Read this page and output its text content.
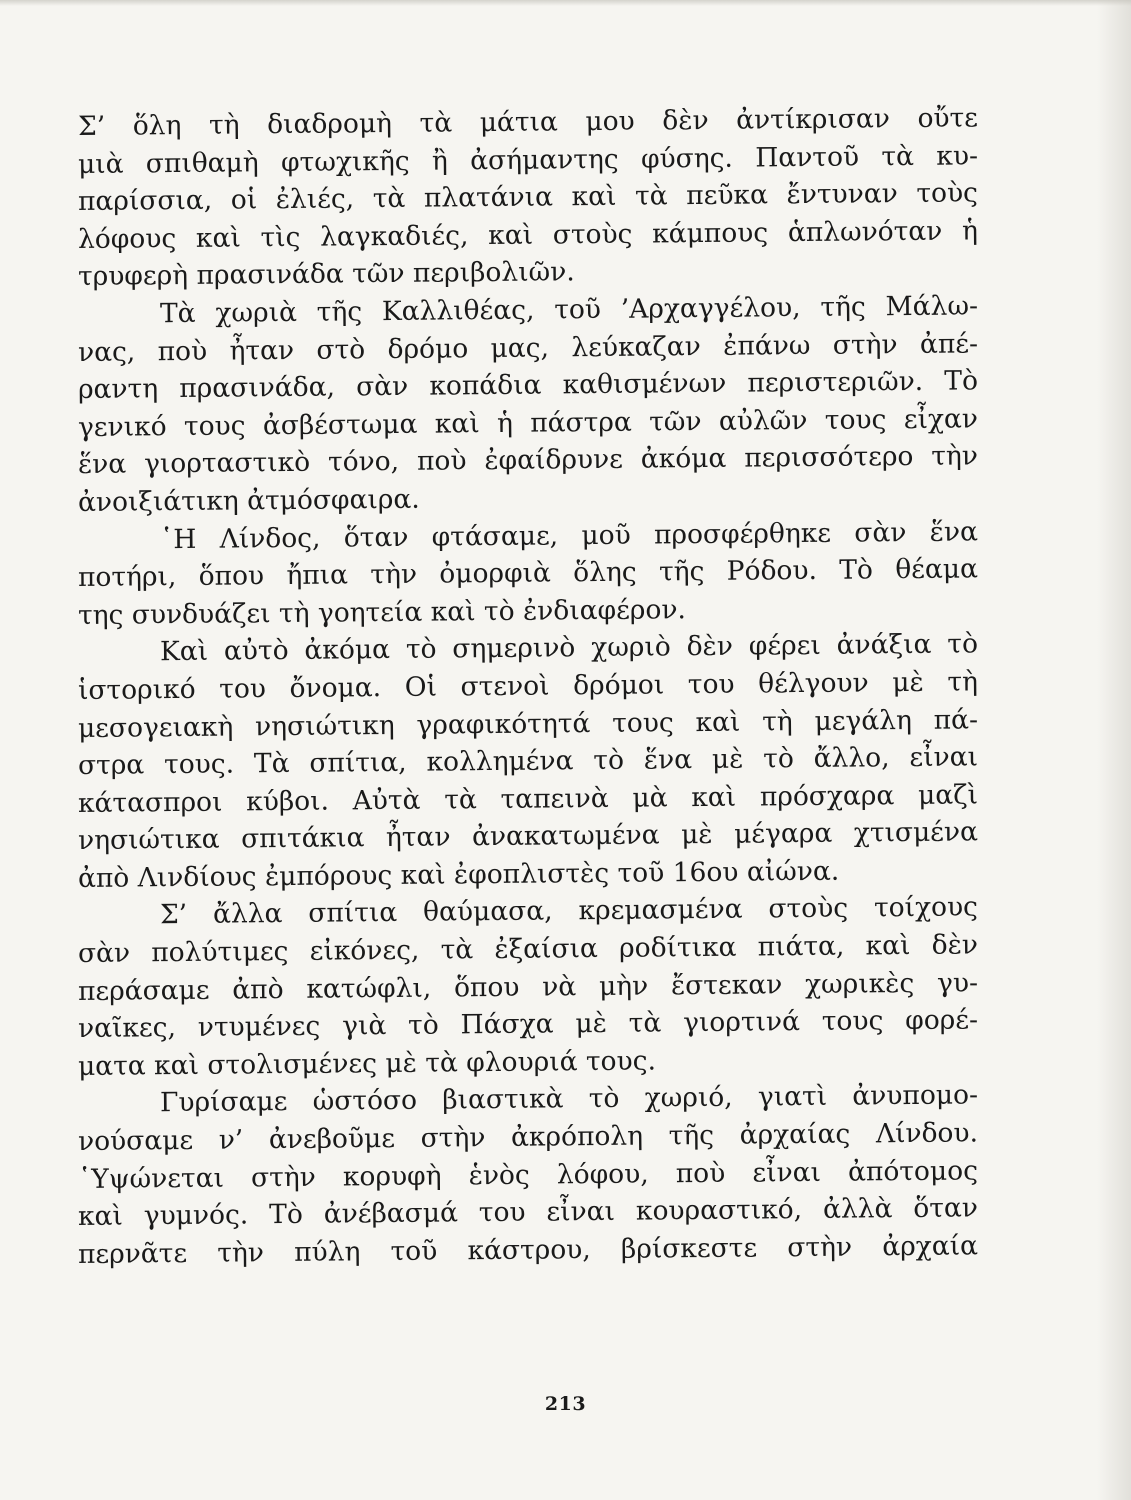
Σ’ ὅλη τὴ διαδρομὴ τὰ μάτια μου δὲν ἀντίκρισαν οὔτε
μιὰ σπιθαμὴ φτωχικῆς ἢ ἀσήμαντης φύσης. Παντοῦ τὰ κυ-
παρίσσια, οἱ ἐλιές, τὰ πλατάνια καὶ τὰ πεῦκα ἔντυναν τοὺς
λόφους καὶ τὶς λαγκαδιές, καὶ στοὺς κάμπους ἁπλωνόταν ἡ
τρυφερὴ πρασινάδα τῶν περιβολιῶν.
Τὰ χωριὰ τῆς Καλλιθέας, τοῦ ’Αρχαγγέλου, τῆς Μάλω-
νας, ποὺ ἦταν στὸ δρόμο μας, λεύκαζαν ἐπάνω στὴν ἀπέ-
ραντη πρασινάδα, σὰν κοπάδια καθισμένων περιστεριῶν. Τὸ
γενικό τους ἀσβέστωμα καὶ ἡ πάστρα τῶν αὐλῶν τους εἶχαν
ἕνα γιορταστικὸ τόνο, ποὺ ἐφαίδρυνε ἀκόμα περισσότερο τὴν
ἀνοιξιάτικη ἀτμόσφαιρα.
῾Η Λίνδος, ὅταν φτάσαμε, μοῦ προσφέρθηκε σὰν ἕνα
ποτήρι, ὅπου ἤπια τὴν ὀμορφιὰ ὅλης τῆς Ρόδου. Τὸ θέαμα
της συνδυάζει τὴ γοητεία καὶ τὸ ἐνδιαφέρον.
Καὶ αὐτὸ ἀκόμα τὸ σημερινὸ χωριὸ δὲν φέρει ἀνάξια τὸ
ἱστορικό του ὄνομα. Οἱ στενοὶ δρόμοι του θέλγουν μὲ τὴ
μεσογειακὴ νησιώτικη γραφικότητά τους καὶ τὴ μεγάλη πά-
στρα τους. Τὰ σπίτια, κολλημένα τὸ ἕνα μὲ τὸ ἄλλο, εἶναι
κάτασπροι κύβοι. Αὐτὰ τὰ ταπεινὰ μὰ καὶ πρόσχαρα μαζὶ
νησιώτικα σπιτάκια ἦταν ἀνακατωμένα μὲ μέγαρα χτισμένα
ἀπὸ Λινδίους ἐμπόρους καὶ ἐφοπλιστὲς τοῦ 16ου αἰώνα.
Σ’ ἄλλα σπίτια θαύμασα, κρεμασμένα στοὺς τοίχους
σὰν πολύτιμες εἰκόνες, τὰ ἐξαίσια ροδίτικα πιάτα, καὶ δὲν
περάσαμε ἀπὸ κατώφλι, ὅπου νὰ μὴν ἔστεκαν χωρικὲς γυ-
ναῖκες, ντυμένες γιὰ τὸ Πάσχα μὲ τὰ γιορτινά τους φορέ-
ματα καὶ στολισμένες μὲ τὰ φλουριά τους.
Γυρίσαμε ὡστόσο βιαστικὰ τὸ χωριό, γιατὶ ἀνυπομο-
νούσαμε ν’ ἀνεβοῦμε στὴν ἀκρόπολη τῆς ἀρχαίας Λίνδου.
῾Υψώνεται στὴν κορυφὴ ἑνὸς λόφου, ποὺ εἶναι ἀπότομος
καὶ γυμνός. Τὸ ἀνέβασμά του εἶναι κουραστικό, ἀλλὰ ὅταν
περνᾶτε τὴν πύλη τοῦ κάστρου, βρίσκεστε στὴν ἀρχαία
213
